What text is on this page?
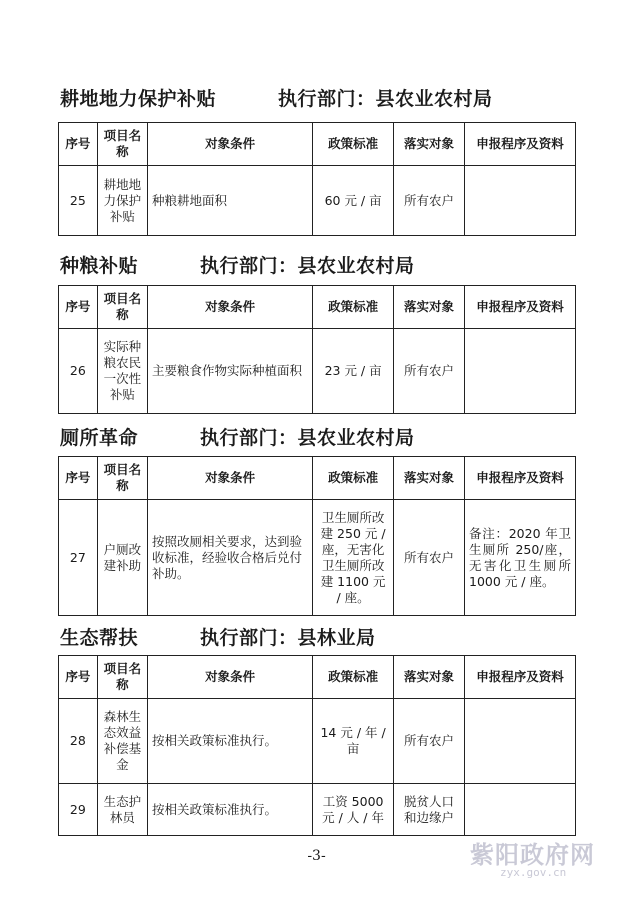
耕地地力保护补贴	执行部门：县农业农村局
序号	项目名称	对象条件	政策标准	落实对象	申报程序及资料
25	耕地地力保护补贴	种粮耕地面积	60 元 / 亩	所有农户	
种粮补贴	执行部门：县农业农村局
序号	项目名称	对象条件	政策标准	落实对象	申报程序及资料
26	实际种粮农民一次性补贴	主要粮食作物实际种植面积	23 元 / 亩	所有农户	
厕所革命	执行部门：县农业农村局
序号	项目名称	对象条件	政策标准	落实对象	申报程序及资料
27	户厕改建补助	按照改厕相关要求，达到验收标准，经验收合格后兑付补助。	卫生厕所改建 250 元 / 座，无害化卫生厕所改建 1100 元 / 座。	所有农户	备注：2020 年卫生厕所 250/座，无害化卫生厕所 1000 元 / 座。
生态帮扶	执行部门：县林业局
序号	项目名称	对象条件	政策标准	落实对象	申报程序及资料
28	森林生态效益补偿基金	按相关政策标准执行。	14 元 / 年 / 亩	所有农户	
29	生态护林员	按相关政策标准执行。	工资 5000 元 / 人 / 年	脱贫人口和边缘户	
-3-	紫阳政府网
zyx.gov.cn
